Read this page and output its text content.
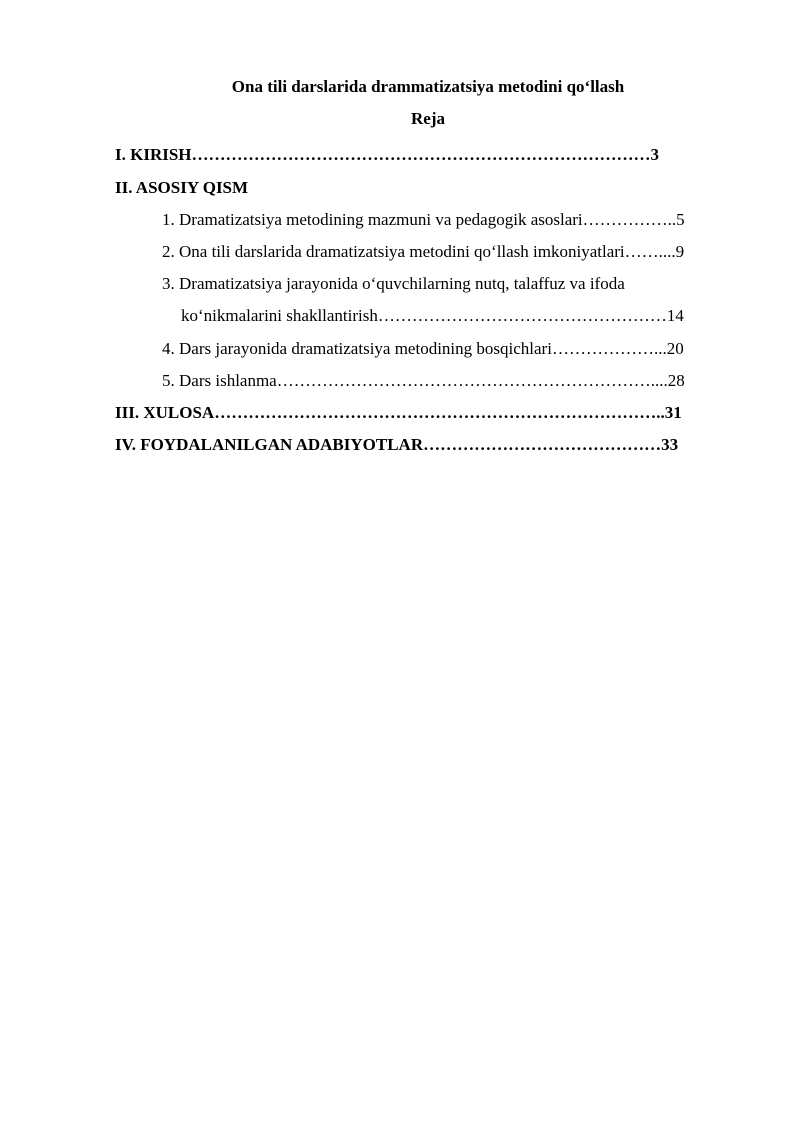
Ona tili darslarida drammatizatsiya metodini qo‘llash
Reja
I. KIRISH………………………………………………………………………3
II. ASOSIY QISM
1. Dramatizatsiya metodining mazmuni va pedagogik asoslari……………..5
2. Ona tili darslarida dramatizatsiya metodini qo‘llash imkoniyatlari……....9
3. Dramatizatsiya jarayonida o‘quvchilarning nutq, talaffuz va ifoda
ko‘nikmalarini shakllantirish……………………………………………14
4. Dars jarayonida dramatizatsiya metodining bosqichlari………………...20
5. Dars ishlanma…………………………………………………………....28
III. XULOSA……………………………………………………………………..31
IV. FOYDALANILGAN ADABIYOTLAR……………………………………33
